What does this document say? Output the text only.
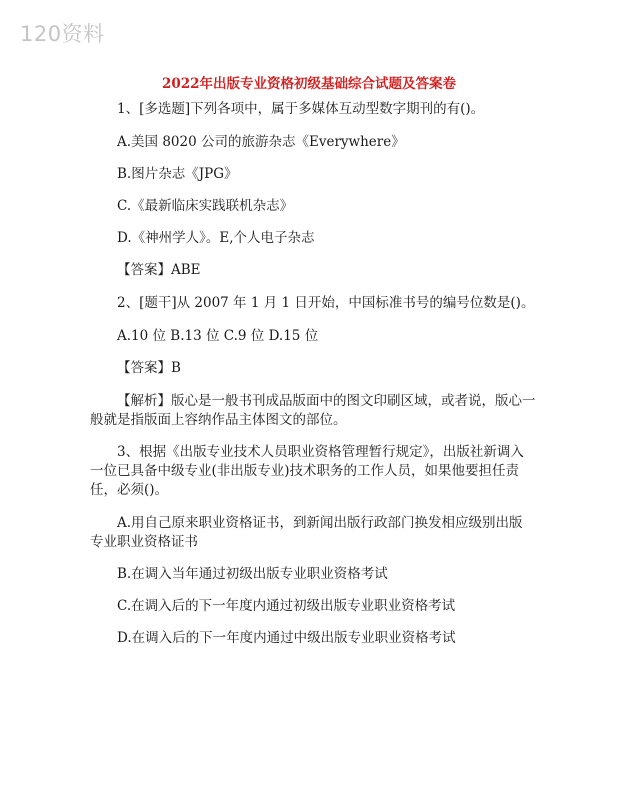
120资料
2022年出版专业资格初级基础综合试题及答案卷

1、[多选题]下列各项中，属于多媒体互动型数字期刊的有()。

A.美国 8020 公司的旅游杂志《Everywhere》

B.图片杂志《JPG》

C.《最新临床实践联机杂志》

D.《神州学人》。E,个人电子杂志

【答案】ABE

2、[题干]从 2007 年 1 月 1 日开始，中国标准书号的编号位数是()。

A.10 位 B.13 位 C.9 位 D.15 位

【答案】B

【解析】版心是一般书刊成品版面中的图文印刷区域，或者说，版心一般就是指版面上容纳作品主体图文的部位。

3、根据《出版专业技术人员职业资格管理暂行规定》，出版社新调入一位已具备中级专业(非出版专业)技术职务的工作人员，如果他要担任责任，必须()。

A.用自己原来职业资格证书，到新闻出版行政部门换发相应级别出版专业职业资格证书

B.在调入当年通过初级出版专业职业资格考试

C.在调入后的下一年度内通过初级出版专业职业资格考试

D.在调入后的下一年度内通过中级出版专业职业资格考试
